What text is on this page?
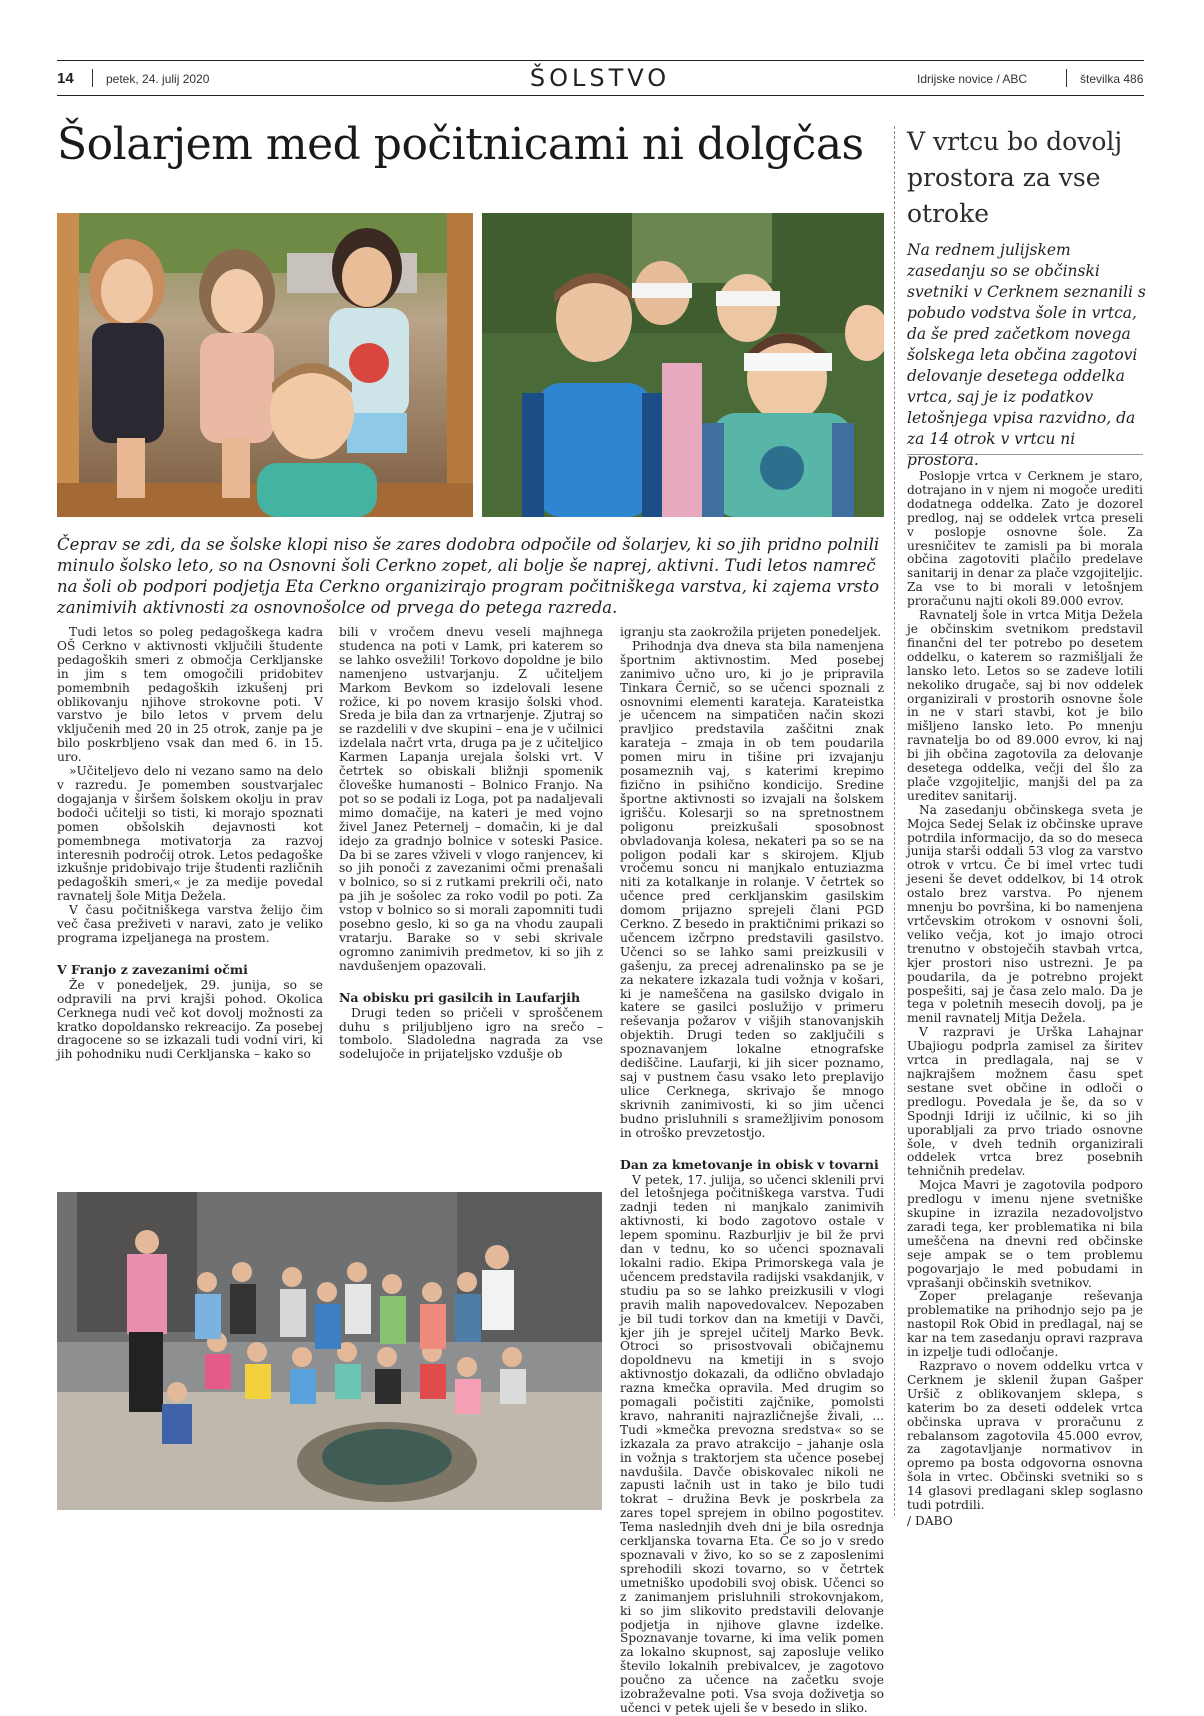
14	petek, 24. julij 2020	ŠOLSTVO	Idrijske novice / ABC	številka 486
Šolarjem med počitnicami ni dolgčas
Čeprav se zdi, da se šolske klopi niso še zares dodobra odpočile od šolarjev, ki so jih pridno polnili minulo šolsko leto, so na Osnovni šoli Cerkno zopet, ali bolje še naprej, aktivni. Tudi letos namreč na šoli ob podpori podjetja Eta Cerkno organizirajo program počitniškega varstva, ki zajema vrsto zanimivih aktivnosti za osnovnošolce od prvega do petega razreda.

Tudi letos so poleg pedagoškega kadra OŠ Cerkno v aktivnosti vključili študente pedagoških smeri z območja Cerkljanske in jim s tem omogočili pridobitev pomembnih pedagoških izkušenj pri oblikovanju njihove strokovne poti. V varstvo je bilo letos v prvem delu vključenih med 20 in 25 otrok, zanje pa je bilo poskrbljeno vsak dan med 6. in 15. uro.

»Učiteljevo delo ni vezano samo na delo v razredu. Je pomemben soustvarjalec dogajanja v širšem šolskem okolju in prav bodoči učitelji so tisti, ki morajo spoznati pomen obšolskih dejavnosti kot pomembnega motivatorja za razvoj interesnih področij otrok. Letos pedagoške izkušnje pridobivajo trije študenti različnih pedagoških smeri,« je za medije povedal ravnatelj šole Mitja Dežela.

V času počitniškega varstva želijo čim več časa preživeti v naravi, zato je veliko programa izpeljanega na prostem.

V Franjo z zavezanimi očmi

Že v ponedeljek, 29. junija, so se odpravili na prvi krajši pohod. Okolica Cerknega nudi več kot dovolj možnosti za kratko dopoldansko rekreacijo. Za posebej dragocene so se izkazali tudi vodni viri, ki jih pohodniku nudi Cerkljanska – kako so

bili v vročem dnevu veseli majhnega studenca na poti v Lamk, pri katerem so se lahko osvežili! Torkovo dopoldne je bilo namenjeno ustvarjanju. Z učiteljem Markom Bevkom so izdelovali lesene rožice, ki po novem krasijo šolski vhod. Sreda je bila dan za vrtnarjenje. Zjutraj so se razdelili v dve skupini – ena je v učilnici izdelala načrt vrta, druga pa je z učiteljico Karmen Lapanja urejala šolski vrt. V četrtek so obiskali bližnji spomenik človeške humanosti – Bolnico Franjo. Na pot so se podali iz Loga, pot pa nadaljevali mimo domačije, na kateri je med vojno živel Janez Peternelj – domačin, ki je dal idejo za gradnjo bolnice v soteski Pasice. Da bi se zares vživeli v vlogo ranjencev, ki so jih ponoči z zavezanimi očmi prenašali v bolnico, so si z rutkami prekrili oči, nato pa jih je sošolec za roko vodil po poti. Za vstop v bolnico so si morali zapomniti tudi posebno geslo, ki so ga na vhodu zaupali vratarju. Barake so v sebi skrivale ogromno zanimivih predmetov, ki so jih z navdušenjem opazovali.

Na obisku pri gasilcih in Laufarjih

Drugi teden so pričeli v sproščenem duhu s priljubljeno igro na srečo – tombolo. Sladoledna nagrada za vse sodelujoče in prijateljsko vzdušje ob

igranju sta zaokrožila prijeten ponedeljek.

Prihodnja dva dneva sta bila namenjena športnim aktivnostim. Med posebej zanimivo učno uro, ki jo je pripravila Tinkara Černič, so se učenci spoznali z osnovnimi elementi karateja. Karateistka je učencem na simpatičen način skozi pravljico predstavila zaščitni znak karateja – zmaja in ob tem poudarila pomen miru in tišine pri izvajanju posameznih vaj, s katerimi krepimo fizično in psihično kondicijo. Sredine športne aktivnosti so izvajali na šolskem igrišču. Kolesarji so na spretnostnem poligonu preizkušali sposobnost obvladovanja kolesa, nekateri pa so se na poligon podali kar s skirojem. Kljub vročemu soncu ni manjkalo entuziazma niti za kotalkanje in rolanje. V četrtek so učence pred cerkljanskim gasilskim domom prijazno sprejeli člani PGD Cerkno. Z besedo in praktičnimi prikazi so učencem izčrpno predstavili gasilstvo. Učenci so se lahko sami preizkusili v gašenju, za precej adrenalinsko pa se je za nekatere izkazala tudi vožnja v košari, ki je nameščena na gasilsko dvigalo in katere se gasilci poslužijo v primeru reševanja požarov v višjih stanovanjskih objektih. Drugi teden so zaključili s spoznavanjem lokalne etnografske dediščine. Laufarji, ki jih sicer poznamo, saj v pustnem času vsako leto preplavijo ulice Cerknega, skrivajo še mnogo skrivnih zanimivosti, ki so jim učenci budno prisluhnili s sramežljivim ponosom in otroško prevzetostjo.

Dan za kmetovanje in obisk v tovarni

V petek, 17. julija, so učenci sklenili prvi del letošnjega počitniškega varstva. Tudi zadnji teden ni manjkalo zanimivih aktivnosti, ki bodo zagotovo ostale v lepem spominu. Razburljiv je bil že prvi dan v tednu, ko so učenci spoznavali lokalni radio. Ekipa Primorskega vala je učencem predstavila radijski vsakdanjik, v studiu pa so se lahko preizkusili v vlogi pravih malih napovedovalcev. Nepozaben je bil tudi torkov dan na kmetiji v Davči, kjer jih je sprejel učitelj Marko Bevk. Otroci so prisostvovali običajnemu dopoldnevu na kmetiji in s svojo aktivnostjo dokazali, da odlično obvladajo razna kmečka opravila. Med drugim so pomagali počistiti zajčnike, pomolsti kravo, nahraniti najrazličnejše živali, ... Tudi »kmečka prevozna sredstva« so se izkazala za pravo atrakcijo – jahanje osla in vožnja s traktorjem sta učence posebej navdušila. Davče obiskovalec nikoli ne zapusti lačnih ust in tako je bilo tudi tokrat – družina Bevk je poskrbela za zares topel sprejem in obilno pogostitev. Tema naslednjih dveh dni je bila osrednja cerkljanska tovarna Eta. Če so jo v sredo spoznavali v živo, ko so se z zaposlenimi sprehodili skozi tovarno, so v četrtek umetniško upodobili svoj obisk. Učenci so z zanimanjem prisluhnili strokovnjakom, ki so jim slikovito predstavili delovanje podjetja in njihove glavne izdelke. Spoznavanje tovarne, ki ima velik pomen za lokalno skupnost, saj zaposluje veliko število lokalnih prebivalcev, je zagotovo poučno za učence na začetku svoje izobraževalne poti. Vsa svoja doživetja so učenci v petek ujeli še v besedo in sliko.

V vrtcu bo dovolj prostora za vse otroke
Na rednem julijskem zasedanju so se občinski svetniki v Cerknem seznanili s pobudo vodstva šole in vrtca, da še pred začetkom novega šolskega leta občina zagotovi delovanje desetega oddelka vrtca, saj je iz podatkov letošnjega vpisa razvidno, da za 14 otrok v vrtcu ni prostora.

Poslopje vrtca v Cerknem je staro, dotrajano in v njem ni mogoče urediti dodatnega oddelka. Zato je dozorel predlog, naj se oddelek vrtca preseli v poslopje osnovne šole. Za uresničitev te zamisli pa bi morala občina zagotoviti plačilo predelave sanitarij in denar za plače vzgojiteljic. Za vse to bi morali v letošnjem proračunu najti okoli 89.000 evrov.

Ravnatelj šole in vrtca Mitja Dežela je občinskim svetnikom predstavil finančni del ter potrebo po desetem oddelku, o katerem so razmišljali že lansko leto. Letos so se zadeve lotili nekoliko drugače, saj bi nov oddelek organizirali v prostorih osnovne šole in ne v stari stavbi, kot je bilo mišljeno lansko leto. Po mnenju ravnatelja bo od 89.000 evrov, ki naj bi jih občina zagotovila za delovanje desetega oddelka, večji del šlo za plače vzgojiteljic, manjši del pa za ureditev sanitarij.

Na zasedanju občinskega sveta je Mojca Sedej Selak iz občinske uprave potrdila informacijo, da so do meseca junija starši oddali 53 vlog za varstvo otrok v vrtcu. Če bi imel vrtec tudi jeseni še devet oddelkov, bi 14 otrok ostalo brez varstva. Po njenem mnenju bo površina, ki bo namenjena vrtčevskim otrokom v osnovni šoli, veliko večja, kot jo imajo otroci trenutno v obstoječih stavbah vrtca, kjer prostori niso ustrezni. Je pa poudarila, da je potrebno projekt pospešiti, saj je časa zelo malo. Da je tega v poletnih mesecih dovolj, pa je menil ravnatelj Mitja Dežela.

V razpravi je Urška Lahajnar Ubajiogu podprla zamisel za širitev vrtca in predlagala, naj se v najkrajšem možnem času spet sestane svet občine in odloči o predlogu. Povedala je še, da so v Spodnji Idriji iz učilnic, ki so jih uporabljali za prvo triado osnovne šole, v dveh tednih organizirali oddelek vrtca brez posebnih tehničnih predelav.

Mojca Mavri je zagotovila podporo predlogu v imenu njene svetniške skupine in izrazila nezadovoljstvo zaradi tega, ker problematika ni bila umeščena na dnevni red občinske seje ampak se o tem problemu pogovarjajo le med pobudami in vprašanji občinskih svetnikov.

Zoper prelaganje reševanja problematike na prihodnjo sejo pa je nastopil Rok Obid in predlagal, naj se kar na tem zasedanju opravi razprava in izpelje tudi odločanje.

Razpravo o novem oddelku vrtca v Cerknem je sklenil župan Gašper Uršič z oblikovanjem sklepa, s katerim bo za deseti oddelek vrtca občinska uprava v proračunu z rebalansom zagotovila 45.000 evrov, za zagotavljanje normativov in opremo pa bosta odgovorna osnovna šola in vrtec. Občinski svetniki so s 14 glasovi predlagani sklep soglasno tudi potrdili.

/ DABO
